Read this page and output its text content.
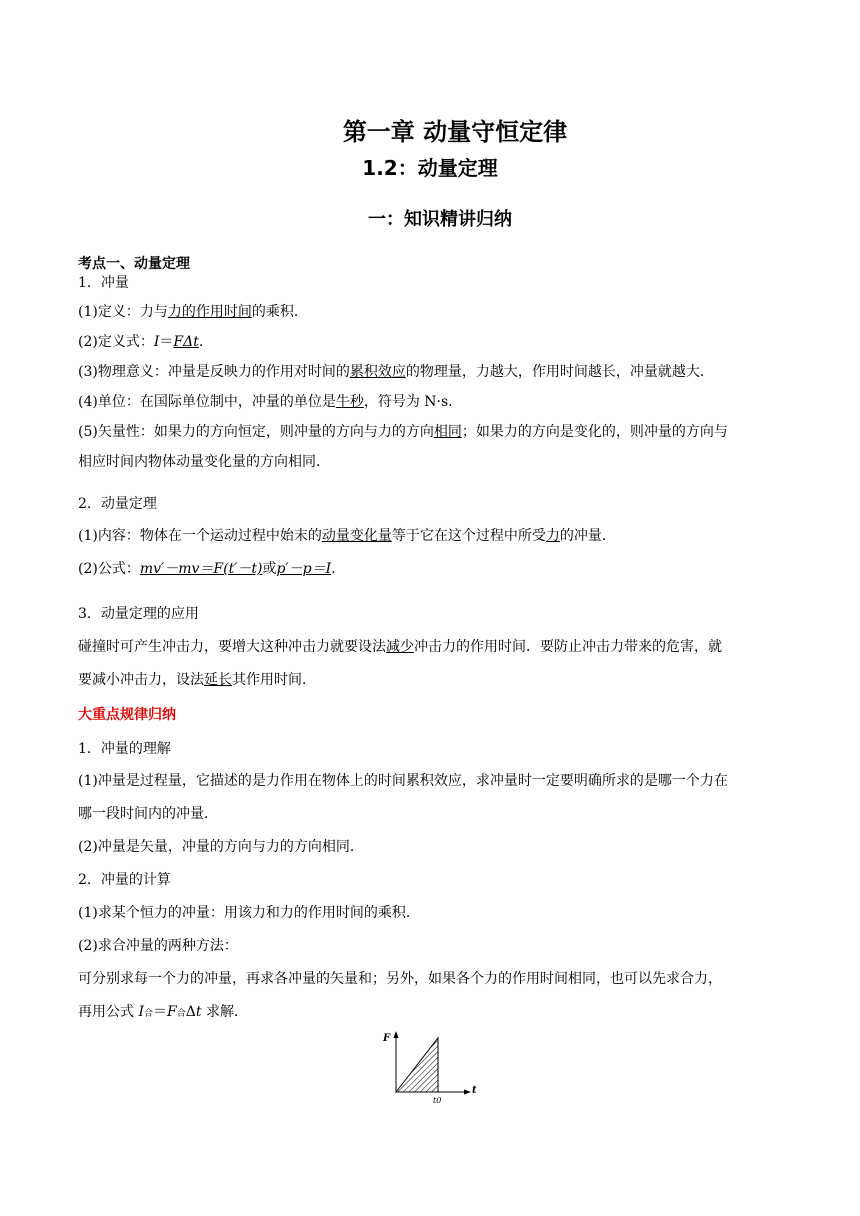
第一章 动量守恒定律
1.2：动量定理
一：知识精讲归纳
考点一、动量定理
1．冲量
(1)定义：力与力的作用时间的乘积．
(2)定义式：I＝FΔt.
(3)物理意义：冲量是反映力的作用对时间的累积效应的物理量，力越大，作用时间越长，冲量就越大．
(4)单位：在国际单位制中，冲量的单位是牛秒，符号为 N·s.
(5)矢量性：如果力的方向恒定，则冲量的方向与力的方向相同；如果力的方向是变化的，则冲量的方向与
相应时间内物体动量变化量的方向相同．
2．动量定理
(1)内容：物体在一个运动过程中始末的动量变化量等于它在这个过程中所受力的冲量．
(2)公式：mv′－mv＝F(t′－t)或p′－p＝I.
3．动量定理的应用
碰撞时可产生冲击力，要增大这种冲击力就要设法减少冲击力的作用时间．要防止冲击力带来的危害，就
要减小冲击力，设法延长其作用时间．
大重点规律归纳
1．冲量的理解
(1)冲量是过程量，它描述的是力作用在物体上的时间累积效应，求冲量时一定要明确所求的是哪一个力在
哪一段时间内的冲量．
(2)冲量是矢量，冲量的方向与力的方向相同．
2．冲量的计算
(1)求某个恒力的冲量：用该力和力的作用时间的乘积．
(2)求合冲量的两种方法：
可分别求每一个力的冲量，再求各冲量的矢量和；另外，如果各个力的作用时间相同，也可以先求合力，
再用公式 I合＝F合Δt 求解．
F
t
t0
